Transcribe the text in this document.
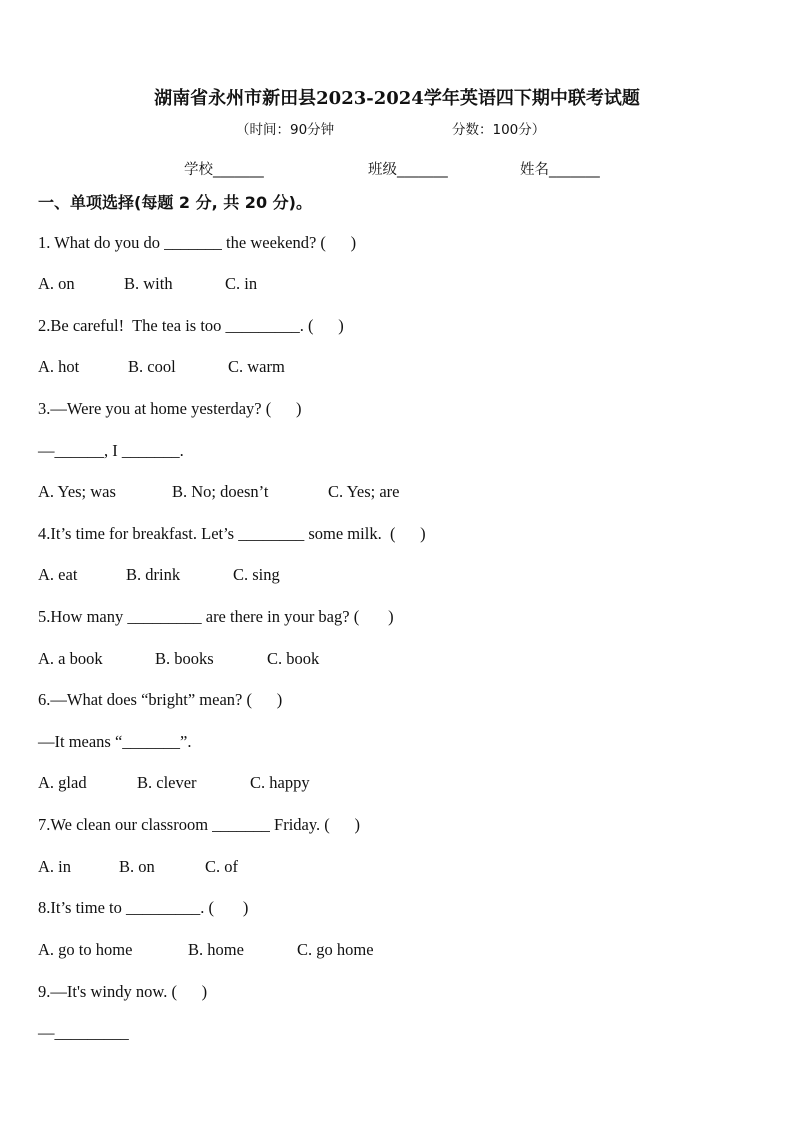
湖南省永州市新田县2023-2024学年英语四下期中联考试题
（时间：90分钟	分数：100分）
学校_______	班级_______	姓名_______
一、单项选择(每题 2 分, 共 20 分)。
1. What do you do _______ the weekend? (      )
A. on	B. with	C. in
2.Be careful!  The tea is too _________. (      )
A. hot	B. cool	C. warm
3.—Were you at home yesterday? (      )
—______, I _______.
A. Yes; was	B. No; doesn’t	C. Yes; are
4.It’s time for breakfast. Let’s ________ some milk.  (      )
A. eat	B. drink	C. sing
5.How many _________ are there in your bag? (       )
A. a book	B. books	C. book
6.—What does “bright” mean? (      )
—It means “_______”.
A. glad	B. clever	C. happy
7.We clean our classroom _______ Friday. (      )
A. in	B. on	C. of
8.It’s time to _________. (       )
A. go to home	B. home	C. go home
9.—It's windy now. (      )
—_________
